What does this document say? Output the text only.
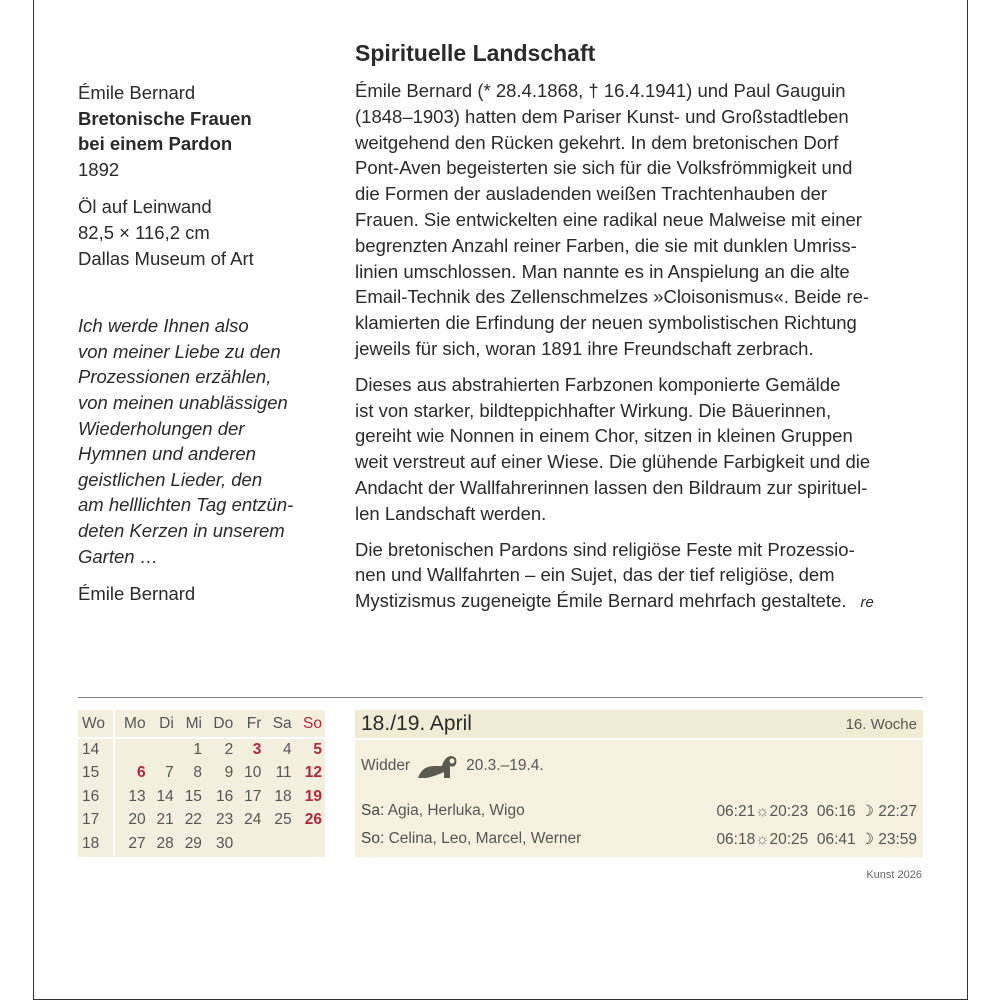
Émile Bernard
Bretonische Frauen
bei einem Pardon
1892
Öl auf Leinwand
82,5 × 116,2 cm
Dallas Museum of Art
Ich werde Ihnen also
von meiner Liebe zu den
Prozessionen erzählen,
von meinen unablässigen
Wiederholungen der
Hymnen und anderen
geistlichen Lieder, den
am helllichten Tag entzün-
deten Kerzen in unserem
Garten …
Émile Bernard
Spirituelle Landschaft
Émile Bernard (* 28.4.1868, † 16.4.1941) und Paul Gauguin
(1848–1903) hatten dem Pariser Kunst- und Großstadtleben
weitgehend den Rücken gekehrt. In dem bretonischen Dorf
Pont-Aven begeisterten sie sich für die Volksfrömmigkeit und
die Formen der ausladenden weißen Trachtenhauben der
Frauen. Sie entwickelten eine radikal neue Malweise mit einer
begrenzten Anzahl reiner Farben, die sie mit dunklen Umriss-
linien umschlossen. Man nannte es in Anspielung an die alte
Email-Technik des Zellenschmelzes »Cloisonismus«. Beide re-
klamierten die Erfindung der neuen symbolistischen Richtung
jeweils für sich, woran 1891 ihre Freundschaft zerbrach.
Dieses aus abstrahierten Farbzonen komponierte Gemälde
ist von starker, bildteppichhafter Wirkung. Die Bäuerinnen,
gereiht wie Nonnen in einem Chor, sitzen in kleinen Gruppen
weit verstreut auf einer Wiese. Die glühende Farbigkeit und die
Andacht der Wallfahrerinnen lassen den Bildraum zur spirituel-
len Landschaft werden.
Die bretonischen Pardons sind religiöse Feste mit Prozessio-
nen und Wallfahrten – ein Sujet, das der tief religiöse, dem
Mystizismus zugeneigte Émile Bernard mehrfach gestaltete. re
Wo	Mo	Di	Mi	Do	Fr	Sa	So
14			1	2	3	4	5
15	6	7	8	9	10	11	12
16	13	14	15	16	17	18	19
17	20	21	22	23	24	25	26
18	27	28	29	30			
18./19. April	16. Woche
Widder	20.3.–19.4.
Sa: Agia, Herluka, Wigo	06:21☼20:23 06:16 ☽ 22:27
So: Celina, Leo, Marcel, Werner	06:18☼20:25 06:41 ☽ 23:59
Kunst 2026
